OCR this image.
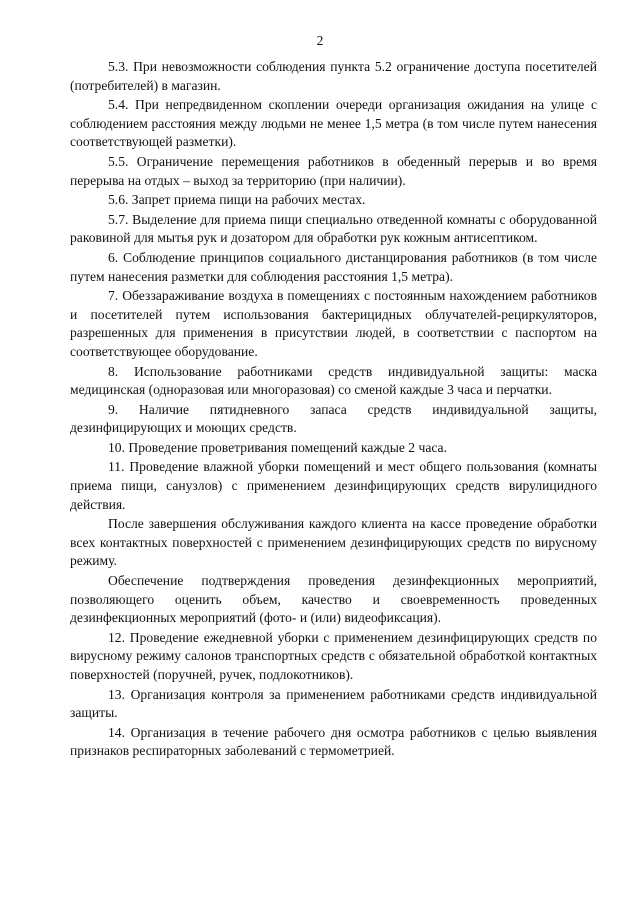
2

5.3. При невозможности соблюдения пункта 5.2 ограничение доступа посетителей (потребителей) в магазин.

5.4. При непредвиденном скоплении очереди организация ожидания на улице с соблюдением расстояния между людьми не менее 1,5 метра (в том числе путем нанесения соответствующей разметки).

5.5. Ограничение перемещения работников в обеденный перерыв и во время перерыва на отдых – выход за территорию (при наличии).

5.6. Запрет приема пищи на рабочих местах.

5.7. Выделение для приема пищи специально отведенной комнаты с оборудованной раковиной для мытья рук и дозатором для обработки рук кожным антисептиком.

6. Соблюдение принципов социального дистанцирования работников (в том числе путем нанесения разметки для соблюдения расстояния 1,5 метра).

7. Обеззараживание воздуха в помещениях с постоянным нахождением работников и посетителей путем использования бактерицидных облучателей-рециркуляторов, разрешенных для применения в присутствии людей, в соответствии с паспортом на соответствующее оборудование.

8. Использование работниками средств индивидуальной защиты: маска медицинская (одноразовая или многоразовая) со сменой каждые 3 часа и перчатки.

9. Наличие пятидневного запаса средств индивидуальной защиты, дезинфицирующих и моющих средств.

10. Проведение проветривания помещений каждые 2 часа.

11. Проведение влажной уборки помещений и мест общего пользования (комнаты приема пищи, санузлов) с применением дезинфицирующих средств вирулицидного действия.

После завершения обслуживания каждого клиента на кассе проведение обработки всех контактных поверхностей с применением дезинфицирующих средств по вирусному режиму.

Обеспечение подтверждения проведения дезинфекционных мероприятий, позволяющего оценить объем, качество и своевременность проведенных дезинфекционных мероприятий (фото- и (или) видеофиксация).

12. Проведение ежедневной уборки с применением дезинфицирующих средств по вирусному режиму салонов транспортных средств с обязательной обработкой контактных поверхностей (поручней, ручек, подлокотников).

13. Организация контроля за применением работниками средств индивидуальной защиты.

14. Организация в течение рабочего дня осмотра работников с целью выявления признаков респираторных заболеваний с термометрией.
